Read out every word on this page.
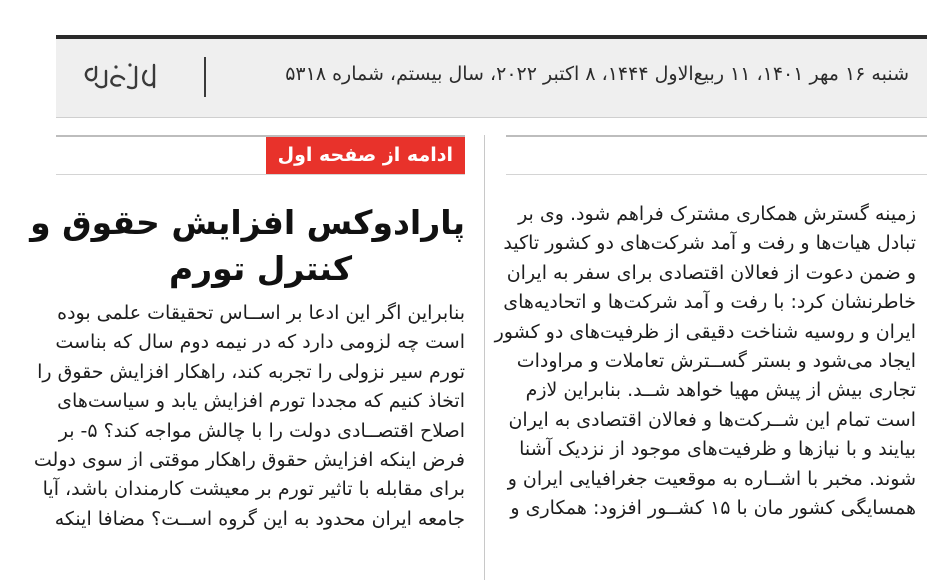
شنبه ۱۶ مهر ۱۴۰۱، ۱۱ ربیع‌الاول ۱۴۴۴، ۸ اکتبر ۲۰۲۲، سال بیستم، شماره ۵۳۱۸
زمینه گسترش همکاری مشترک فراهم شود. وی بر
تبادل هیات‌ها و رفت و آمد شرکت‌های دو کشور تاکید
و ضمن دعوت از فعالان اقتصادی برای سفر به ایران
خاطرنشان کرد: با رفت و آمد شرکت‌ها و اتحادیه‌های
ایران و روسیه شناخت دقیقی از ظرفیت‌های دو کشور
ایجاد می‌شود و بستر گســترش تعاملات و مراودات
تجاری بیش از پیش مهیا خواهد شــد. بنابراین لازم
است تمام این شــرکت‌ها و فعالان اقتصادی به ایران
بیایند و با نیازها و ظرفیت‌های موجود از نزدیک آشنا
شوند. مخبر با اشــاره به موقعیت جغرافیایی ایران و
همسایگی کشور مان با ۱۵ کشــور افزود: همکاری و
ادامه از صفحه اول
پارادوکس افزایش حقوق و
کنترل تورم
بنابراین اگر این ادعا بر اســاس تحقیقات علمی بوده
است چه لزومی دارد که در نیمه دوم سال که بناست
تورم سیر نزولی را تجربه کند، راهکار افزایش حقوق را
اتخاذ کنیم که مجددا تورم افزایش یابد و سیاست‌های
اصلاح اقتصــادی دولت را با چالش مواجه کند؟ ۵- بر
فرض اینکه افزایش حقوق راهکار موقتی از سوی دولت
برای مقابله با تاثیر تورم بر معیشت کارمندان باشد، آیا
جامعه ایران محدود به این گروه اســت؟ مضافا اینکه
